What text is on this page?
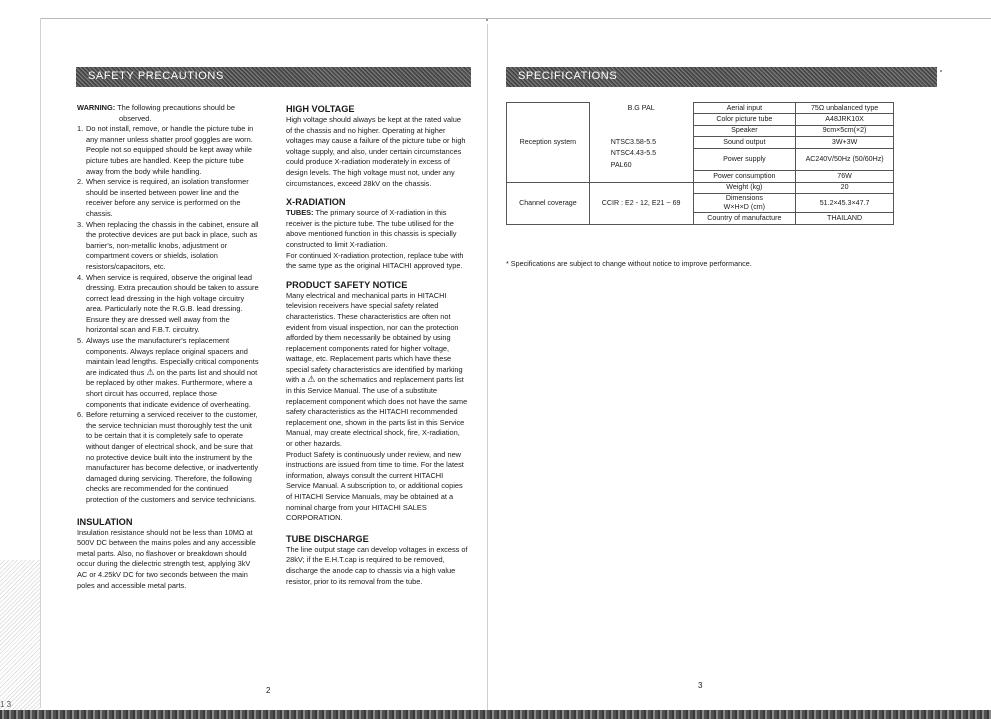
1 3
SAFETY PRECAUTIONS

WARNING: The following precautions should be observed.

1. Do not install, remove, or handle the picture tube in any manner unless shatter proof goggles are worn. People not so equipped should be kept away while picture tubes are handled. Keep the picture tube away from the body while handling.
2. When service is required, an isolation transformer should be inserted between power line and the receiver before any service is performed on the chassis.
3. When replacing the chassis in the cabinet, ensure all the protective devices are put back in place, such as barrier's, non-metallic knobs, adjustment or compartment covers or shields, isolation resistors/capacitors, etc.
4. When service is required, observe the original lead dressing. Extra precaution should be taken to assure correct lead dressing in the high voltage circuitry area. Particularly note the R.G.B. lead dressing. Ensure they are dressed well away from the horizontal scan and F.B.T. circuitry.
5. Always use the manufacturer's replacement components. Always replace original spacers and maintain lead lengths. Especially critical components are indicated thus ⚠ on the parts list and should not be replaced by other makes. Furthermore, where a short circuit has occurred, replace those components that indicate evidence of overheating.
6. Before returning a serviced receiver to the customer, the service technician must thoroughly test the unit to be certain that it is completely safe to operate without danger of electrical shock, and be sure that no protective device built into the instrument by the manufacturer has become defective, or inadvertently damaged during servicing. Therefore, the following checks are recommended for the continued protection of the customers and service technicians.
INSULATION

Insulation resistance should not be less than 10MΩ at 500V DC between the mains poles and any accessible metal parts. Also, no flashover or breakdown should occur during the dielectric strength test, applying 3kV AC or 4.25kV DC for two seconds between the main poles and accessible metal parts.

HIGH VOLTAGE

High voltage should always be kept at the rated value of the chassis and no higher. Operating at higher voltages may cause a failure of the picture tube or high voltage supply, and also, under certain circumstances could produce X-radiation moderately in excess of design levels. The high voltage must not, under any circumstances, exceed 28kV on the chassis.

X-RADIATION

TUBES: The primary source of X-radiation in this receiver is the picture tube. The tube utilised for the above mentioned function in this chassis is specially constructed to limit X-radiation.

For continued X-radiation protection, replace tube with the same type as the original HITACHI approved type.

PRODUCT SAFETY NOTICE

Many electrical and mechanical parts in HITACHI television receivers have special safety related characteristics. These characteristics are often not evident from visual inspection, nor can the protection afforded by them necessarily be obtained by using replacement components rated for higher voltage, wattage, etc. Replacement parts which have these special safety characteristics are identified by marking with a ⚠ on the schematics and replacement parts list in this Service Manual. The use of a substitute replacement component which does not have the same safety characteristics as the HITACHI recommended replacement one, shown in the parts list in this Service Manual, may create electrical shock, fire, X-radiation, or other hazards.

Product Safety is continuously under review, and new instructions are issued from time to time. For the latest information, always consult the current HITACHI Service Manual. A subscription to, or additional copies of HITACHI Service Manuals, may be obtained at a nominal charge from your HITACHI SALES CORPORATION.

TUBE DISCHARGE

The line output stage can develop voltages in excess of 28kV; if the E.H.T.cap is required to be removed, discharge the anode cap to chassis via a high value resistor, prior to its removal from the tube.

2
SPECIFICATIONS
Reception system	B.G PAL	Aerial input	75Ω unbalanced type
		Color picture tube	A48JRK10X
		Speaker	9cm×5cm(×2)
	NTSC3.58-5.5	Sound output	3W+3W
	NTSC4.43-5.5	Power supply	AC240V/50Hz (50/60Hz)
	PAL60		
		Power consumption	76W
Channel coverage	CCIR : E2 - 12, E21 ~ 69	Weight (kg)	20
		Dimensions
W×H×D (cm)	51.2×45.3×47.7
		Country of manufacture	THAILAND
* Specifications are subject to change without notice to improve performance.
3
